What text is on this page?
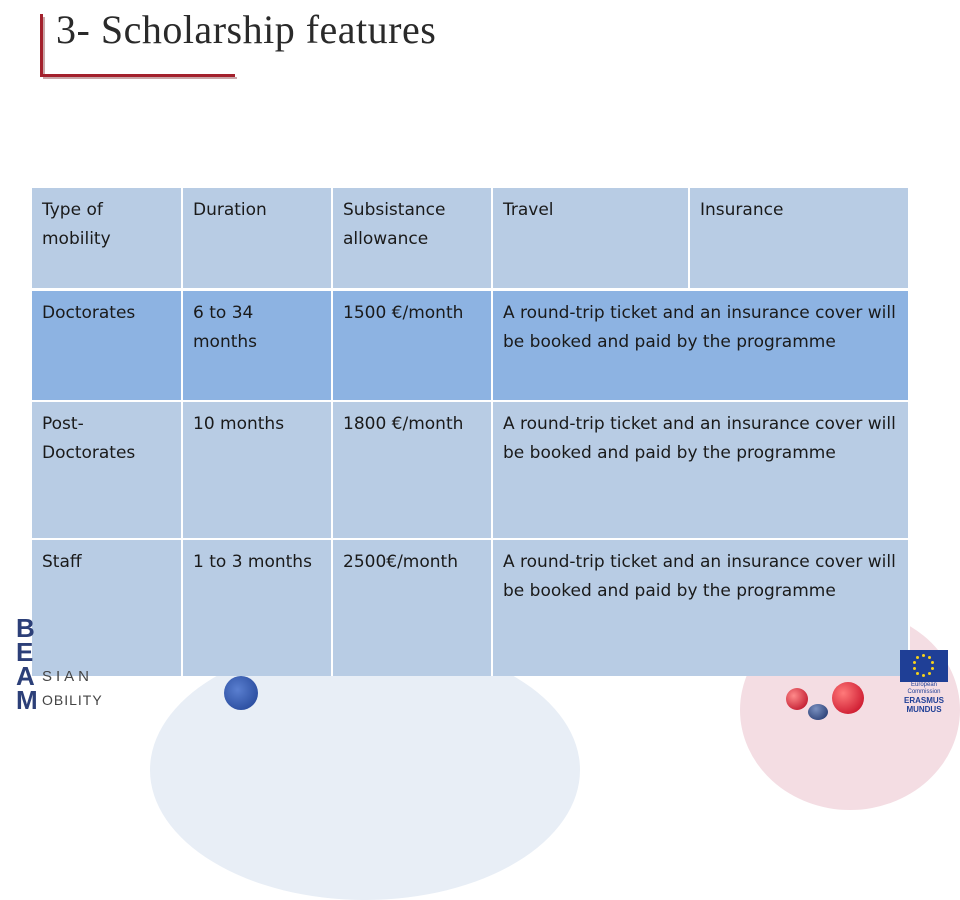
3- Scholarship features
Type of mobility	Duration	Subsistance allowance	Travel	Insurance
Doctorates	6 to 34 months	1500 €/month	A round-trip ticket and an insurance cover will be booked and paid by the programme	
Post-Doctorates	10 months	1800 €/month	A round-trip ticket and an insurance cover will be booked and paid by the programme	
Staff	1 to 3 months	2500€/month	A round-trip ticket and an insurance cover will be booked and paid by the programme	
B
E
A
M
SIAN
OBILITY
European Commission
ERASMUS
MUNDUS
